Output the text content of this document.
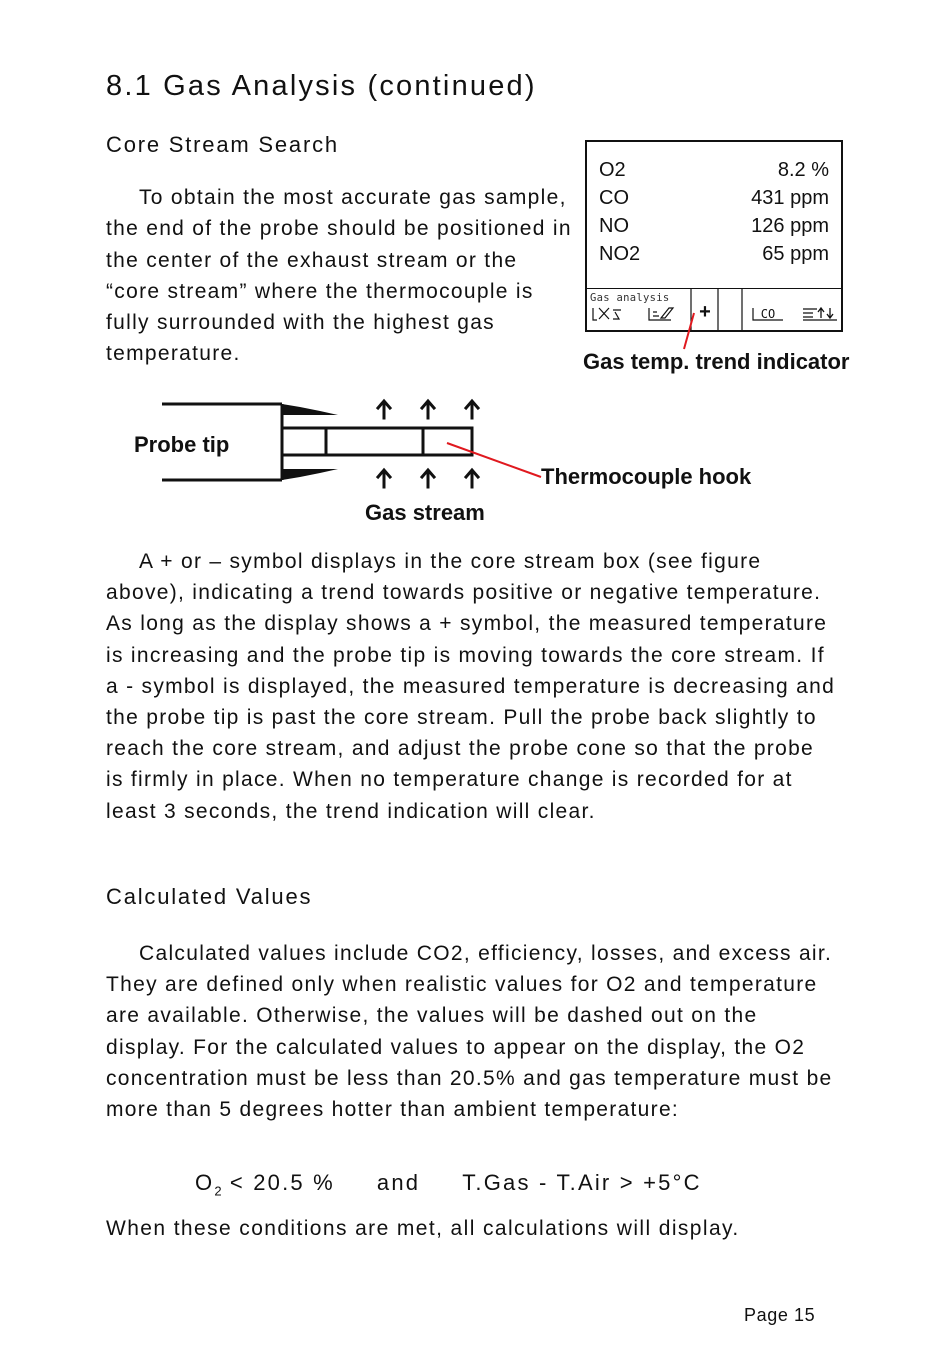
8.1 Gas Analysis (continued)
Core Stream Search

To obtain the most accurate gas sample, the end of the probe should be positioned in the center of the exhaust stream or the “core stream” where the thermocouple is fully surrounded with the highest gas temperature.

O2	8.2 %
CO	431 ppm
NO	126 ppm
NO2	65 ppm
Gas analysis
+	CO
Gas temp. trend indicator
Probe tip
Thermocouple hook
Gas stream

A + or – symbol displays in the core stream box (see figure above), indicating a trend towards positive or negative temperature. As long as the display shows a + symbol, the measured temperature is increasing and the probe tip is moving towards the core stream. If a - symbol is displayed, the measured temperature is decreasing and the probe tip is past the core stream. Pull the probe back slightly to reach the core stream, and adjust the probe cone so that the probe is firmly in place. When no temperature change is recorded for at least 3 seconds, the trend indication will clear.

Calculated Values

Calculated values include CO2, efficiency, losses, and excess air. They are defined only when realistic values for O2 and temperature are available. Otherwise, the values will be dashed out on the display. For the calculated values to appear on the display, the O2 concentration must be less than 20.5% and gas temperature must be more than 5 degrees hotter than ambient temperature:

$O_2 < 20.5$ % and T.Gas - T.Air > +5°C
When these conditions are met, all calculations will display.
Page 15
